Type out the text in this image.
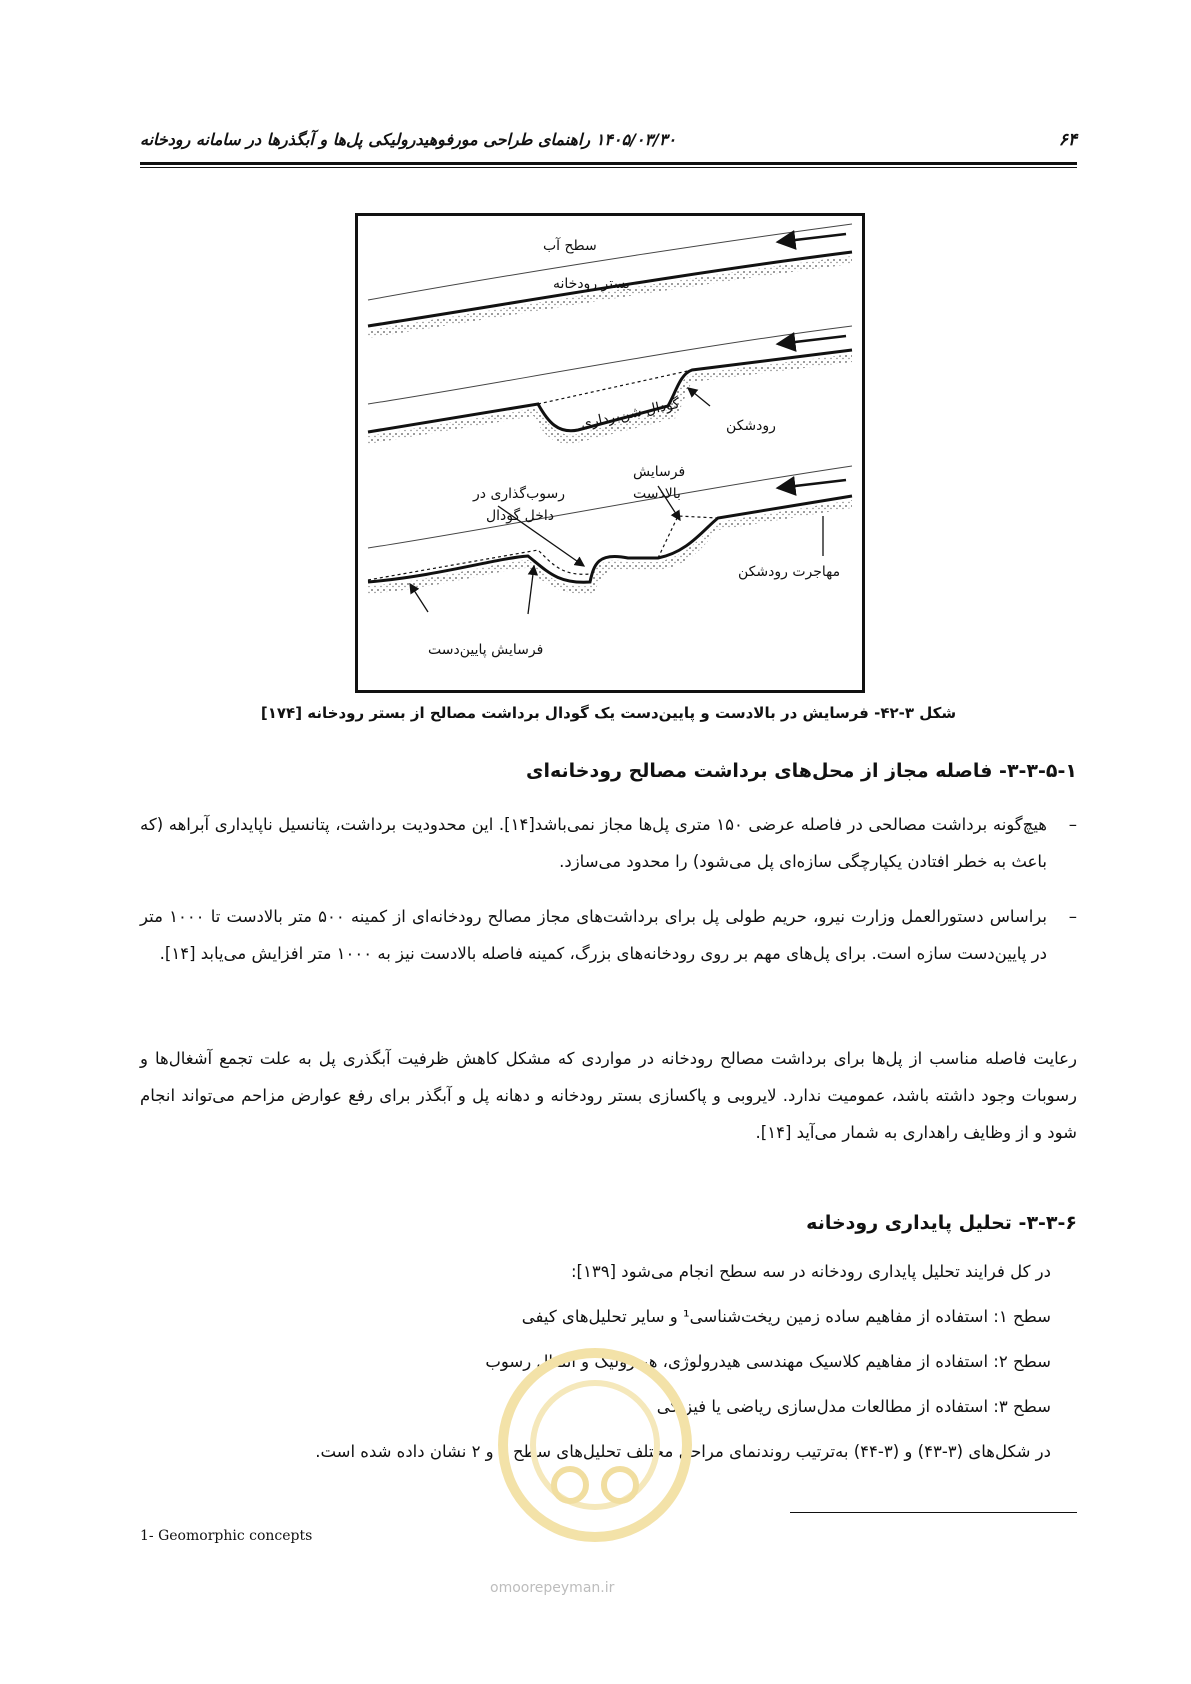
۶۴
۱۴۰۵/۰۳/۳۰ راهنمای طراحی مورفوهیدرولیکی پل‌ها و آبگذرها در سامانه رودخانه
سطح آب
بستر رودخانه
گودال شن‌برداری	رودشکن
فرسایش
بالادست
رسوب‌گذاری در
داخل گودال
مهاجرت رودشکن
فرسایش پایین‌دست
شکل ۳-۴۲- فرسایش در بالادست و پایین‌دست یک گودال برداشت مصالح از بستر رودخانه [۱۷۴]
۳-۳-۵-۱- فاصله مجاز از محل‌های برداشت مصالح رودخانه‌ای
–
هیچ‌گونه برداشت مصالحی در فاصله عرضی ۱۵۰ متری پل‌ها مجاز نمی‌باشد[۱۴]. این محدودیت برداشت، پتانسیل ناپایداری آبراهه (که باعث به خطر افتادن یکپارچگی سازه‌ای پل می‌شود) را محدود می‌سازد.
–
براساس دستورالعمل وزارت نیرو، حریم طولی پل برای برداشت‌های مجاز مصالح رودخانه‌ای از کمینه ۵۰۰ متر بالادست تا ۱۰۰۰ متر در پایین‌دست سازه است. برای پل‌های مهم بر روی رودخانه‌های بزرگ، کمینه فاصله بالادست نیز به ۱۰۰۰ متر افزایش می‌یابد [۱۴].
رعایت فاصله مناسب از پل‌ها برای برداشت مصالح رودخانه در مواردی که مشکل کاهش ظرفیت آبگذری پل به علت تجمع آشغال‌ها و رسوبات وجود داشته باشد، عمومیت ندارد. لایروبی و پاکسازی بستر رودخانه و دهانه پل و آبگذر برای رفع عوارض مزاحم می‌تواند انجام شود و از وظایف راهداری به شمار می‌آید [۱۴].
۳-۳-۶- تحلیل پایداری رودخانه
در کل فرایند تحلیل پایداری رودخانه در سه سطح انجام می‌شود [۱۳۹]:
سطح ۱: استفاده از مفاهیم ساده زمین ریخت‌شناسی¹ و سایر تحلیل‌های کیفی
سطح ۲: استفاده از مفاهیم کلاسیک مهندسی هیدرولوژی، هیدرولیک و انتقال رسوب
سطح ۳: استفاده از مطالعات مدل‌سازی ریاضی یا فیزیکی
در شکل‌های (۳-۴۳) و (۳-۴۴) به‌ترتیب روندنمای مراحل مختلف تحلیل‌های سطح ۱ و ۲ نشان داده شده است.
omoorepeyman.ir
1- Geomorphic concepts
